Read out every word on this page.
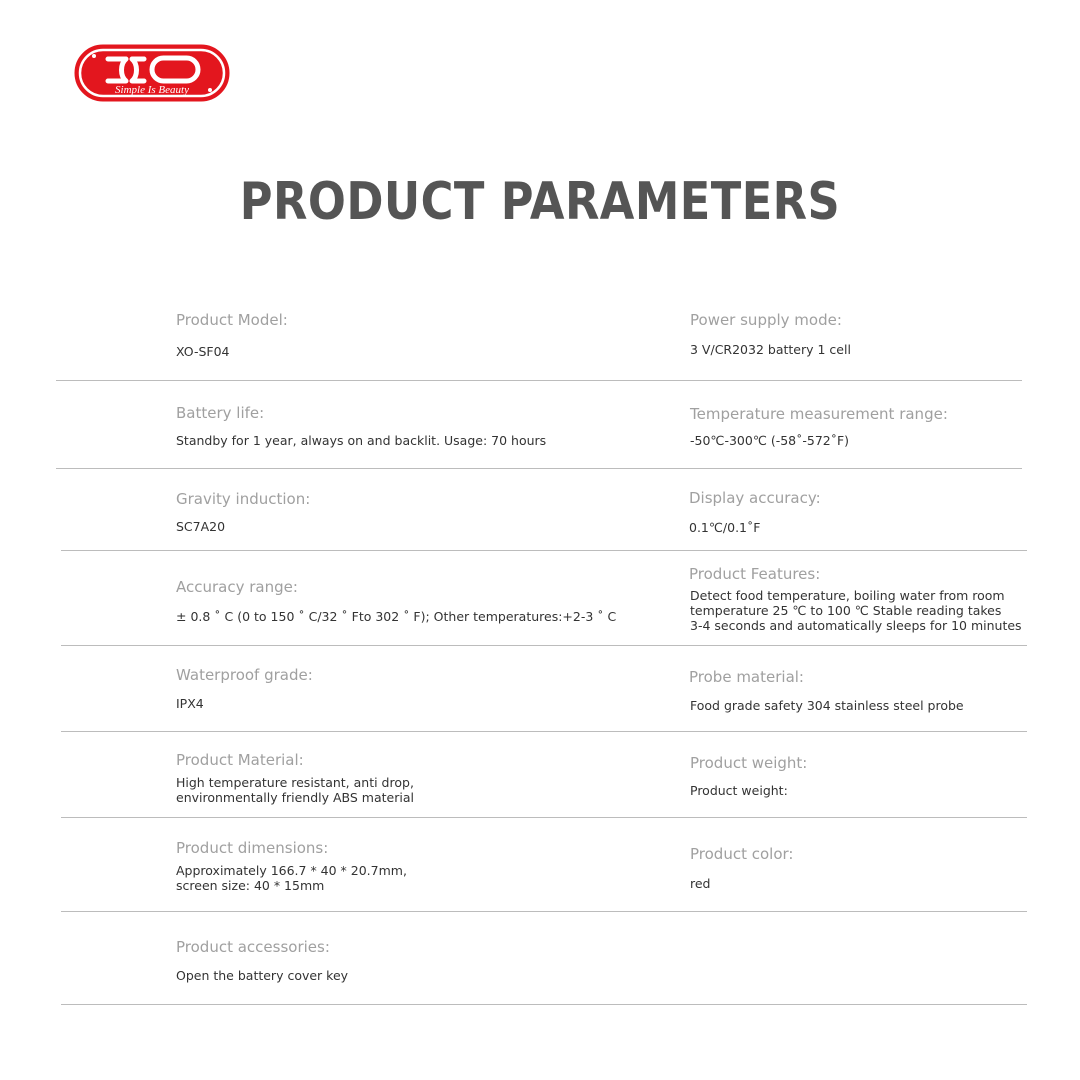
Simple Is Beauty
PRODUCT PARAMETERS
Product Model:
XO-SF04
Power supply mode:
3 V/CR2032 battery 1 cell
Battery life:
Standby for 1 year, always on and backlit. Usage: 70 hours
Temperature measurement range:
-50℃-300℃ (-58˚-572˚F)
Gravity induction:
SC7A20
Display accuracy:
0.1℃/0.1˚F
Accuracy range:
± 0.8 ˚ C (0 to 150 ˚ C/32 ˚ Fto 302 ˚ F); Other temperatures:+2-3 ˚ C
Product Features:
Detect food temperature, boiling water from room
temperature 25 ℃ to 100 ℃ Stable reading takes
3-4 seconds and automatically sleeps for 10 minutes
Waterproof grade:
IPX4
Probe material:
Food grade safety 304 stainless steel probe
Product Material:
High temperature resistant, anti drop,
environmentally friendly ABS material
Product weight:
Product weight:
Product dimensions:
Approximately 166.7 * 40 * 20.7mm,
screen size: 40 * 15mm
Product color:
red
Product accessories:
Open the battery cover key
